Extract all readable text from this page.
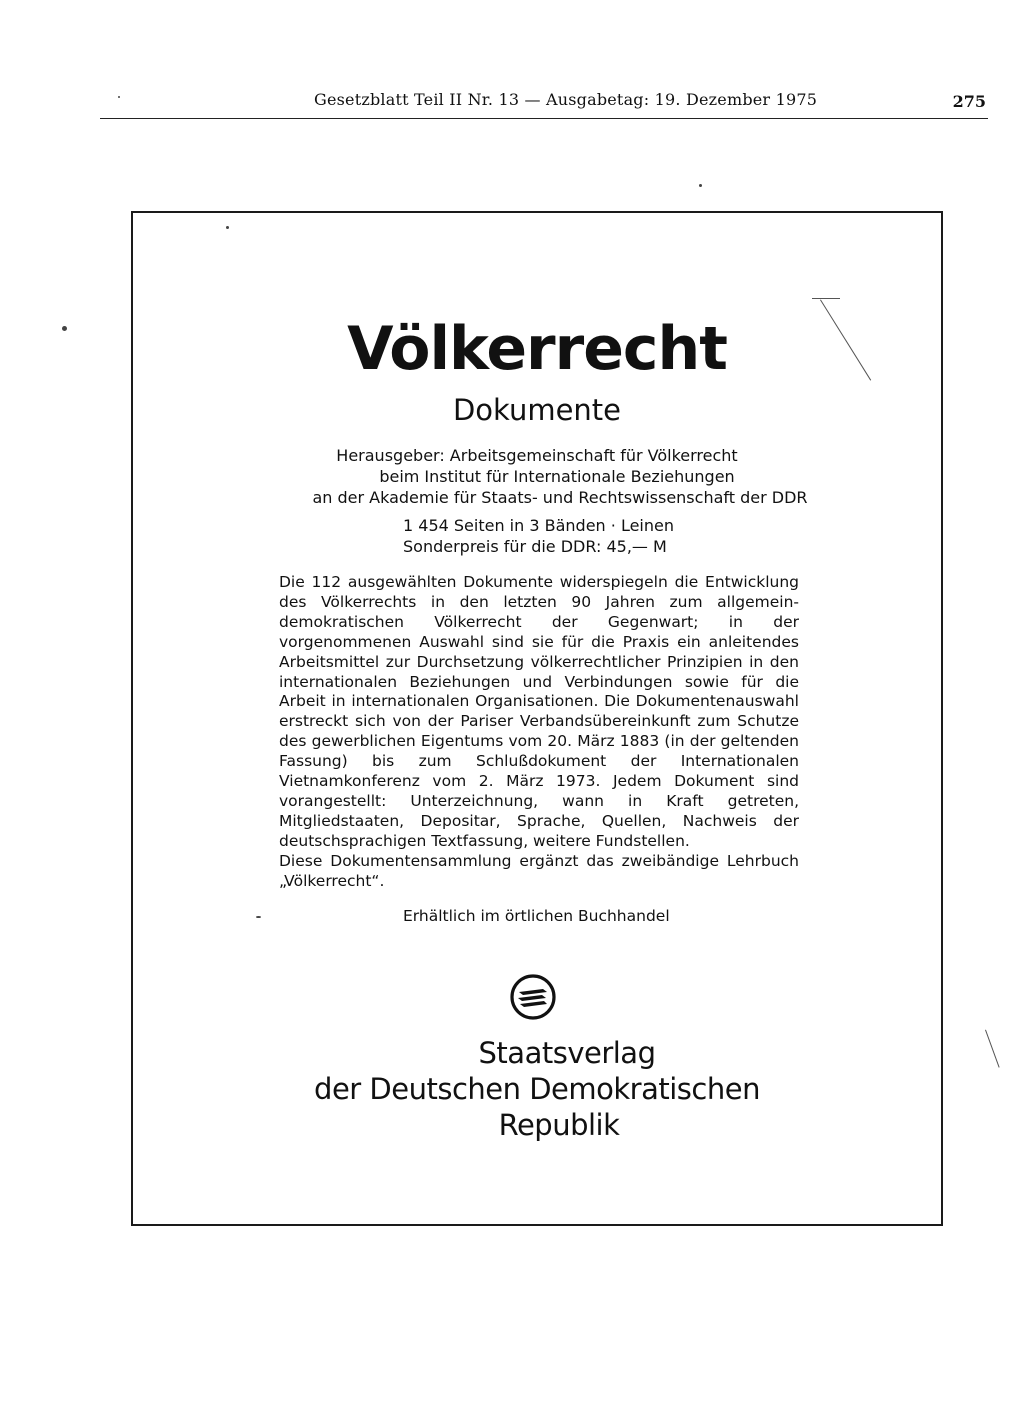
Gesetzblatt Teil II Nr. 13 — Ausgabetag: 19. Dezember 1975	275
Völkerrecht
Dokumente
Herausgeber: Arbeitsgemeinschaft für Völkerrecht
beim Institut für Internationale Beziehungen
an der Akademie für Staats- und Rechtswissenschaft der DDR
1 454 Seiten in 3 Bänden · Leinen
Sonderpreis für die DDR: 45,— M

Die 112 ausgewählten Dokumente widerspiegeln die Entwicklung des Völkerrechts in den letzten 90 Jahren zum allgemein-demokratischen Völkerrecht der Gegenwart; in der vorgenommenen Auswahl sind sie für die Praxis ein anleitendes Arbeitsmittel zur Durchsetzung völkerrechtlicher Prinzipien in den internationalen Beziehungen und Verbindungen sowie für die Arbeit in internationalen Organisationen. Die Dokumentenauswahl erstreckt sich von der Pariser Verbandsübereinkunft zum Schutze des gewerblichen Eigentums vom 20. März 1883 (in der geltenden Fassung) bis zum Schlußdokument der Internationalen Vietnamkonferenz vom 2. März 1973. Jedem Dokument sind vorangestellt: Unterzeichnung, wann in Kraft getreten, Mitgliedstaaten, Depositar, Sprache, Quellen, Nachweis der deutschsprachigen Textfassung, weitere Fundstellen.

Diese Dokumentensammlung ergänzt das zweibändige Lehrbuch „Völkerrecht“.

Erhältlich im örtlichen Buchhandel
Staatsverlag
der Deutschen Demokratischen
Republik
